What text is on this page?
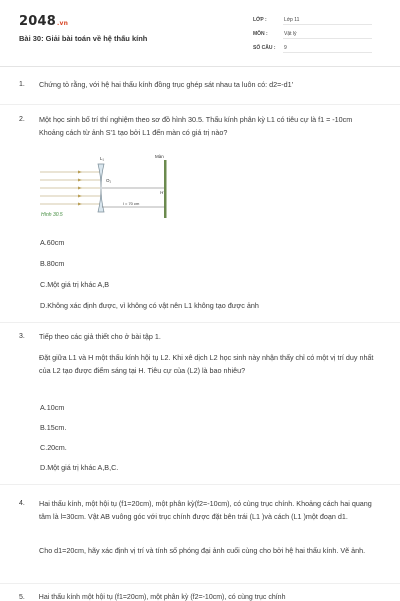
2048.vn
Bài 30: Giải bài toán về hệ thấu kính
LỚP :	Lớp 11
MÔN :	Vật lý
SỐ CÂU : 9
1. Chứng tỏ rằng, với hệ hai thấu kính đồng trục ghép sát nhau ta luôn có: d2=-d1'
2. Một học sinh bố trí thí nghiệm theo sơ đồ hình 30.5. Thấu kính phân kỳ L1 có tiêu cự là f1 = -10cm Khoảng cách từ ảnh S'1 tạo bởi L1 đến màn có giá trị nào?
L₁
O₁
Màn
H
l = 70 cm
Hình 30.5
A.60cm
B.80cm
C.Một giá trị khác A,B
D.Không xác định được, vì không có vật nên L1 không tạo được ảnh
3. Tiếp theo các giả thiết cho ở bài tập 1.
Đặt giữa L1 và H một thấu kính hội tụ L2. Khi xê dịch L2 học sinh này nhận thấy chỉ có một vị trí duy nhất của L2 tạo được điểm sáng tại H. Tiêu cự của (L2) là bao nhiêu?
A.10cm
B.15cm.
C.20cm.
D.Một giá trị khác A,B,C.
4. Hai thấu kính, một hội tụ (f1=20cm), một phân kỳ(f2=-10cm), có cùng trục chính. Khoảng cách hai quang tâm là l=30cm. Vật AB vuông góc với trục chính được đặt bên trái (L1 )và cách (L1 )một đoạn d1.
Cho d1=20cm, hãy xác định vị trí và tính số phóng đại ảnh cuối cùng cho bởi hệ hai thấu kính. Vẽ ảnh.
5. Hai thấu kính một hội tụ (f1=20cm), một phân kỳ (f2=-10cm), có cùng trục chính
